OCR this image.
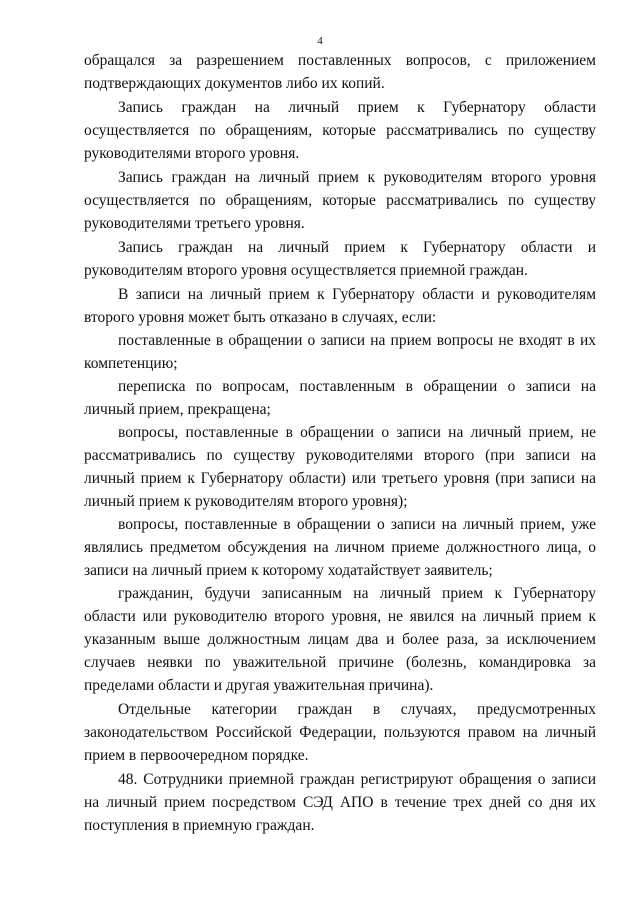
4

обращался за разрешением поставленных вопросов, с приложением подтверждающих документов либо их копий.

Запись граждан на личный прием к Губернатору области осуществляется по обращениям, которые рассматривались по существу руководителями второго уровня.

Запись граждан на личный прием к руководителям второго уровня осуществляется по обращениям, которые рассматривались по существу руководителями третьего уровня.

Запись граждан на личный прием к Губернатору области и руководителям второго уровня осуществляется приемной граждан.

В записи на личный прием к Губернатору области и руководителям второго уровня может быть отказано в случаях, если:

поставленные в обращении о записи на прием вопросы не входят в их компетенцию;

переписка по вопросам, поставленным в обращении о записи на личный прием, прекращена;

вопросы, поставленные в обращении о записи на личный прием, не рассматривались по существу руководителями второго (при записи на личный прием к Губернатору области) или третьего уровня (при записи на личный прием к руководителям второго уровня);

вопросы, поставленные в обращении о записи на личный прием, уже являлись предметом обсуждения на личном приеме должностного лица, о записи на личный прием к которому ходатайствует заявитель;

гражданин, будучи записанным на личный прием к Губернатору области или руководителю второго уровня, не явился на личный прием к указанным выше должностным лицам два и более раза, за исключением случаев неявки по уважительной причине (болезнь, командировка за пределами области и другая уважительная причина).

Отдельные категории граждан в случаях, предусмотренных законодательством Российской Федерации, пользуются правом на личный прием в первоочередном порядке.

48. Сотрудники приемной граждан регистрируют обращения о записи на личный прием посредством СЭД АПО в течение трех дней со дня их поступления в приемную граждан.
